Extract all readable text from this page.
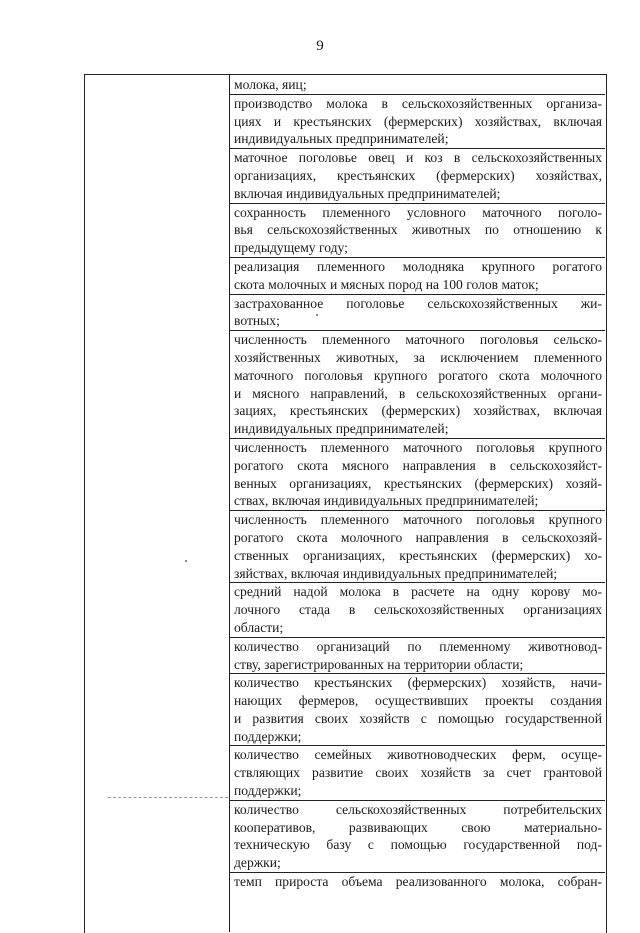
9
молока, яиц;
производство молока в сельскохозяйственных организа-
циях и крестьянских (фермерских) хозяйствах, включая
индивидуальных предпринимателей;
маточное поголовье овец и коз в сельскохозяйственных
организациях, крестьянских (фермерских) хозяйствах,
включая индивидуальных предпринимателей;
сохранность племенного условного маточного поголо-
вья сельскохозяйственных животных по отношению к
предыдущему году;
реализация племенного молодняка крупного рогатого
скота молочных и мясных пород на 100 голов маток;
застрахованное поголовье сельскохозяйственных жи-
вотных;
численность племенного маточного поголовья сельско-
хозяйственных животных, за исключением племенного
маточного поголовья крупного рогатого скота молочного
и мясного направлений, в сельскохозяйственных органи-
зациях, крестьянских (фермерских) хозяйствах, включая
индивидуальных предпринимателей;
численность племенного маточного поголовья крупного
рогатого скота мясного направления в сельскохозяйст-
венных организациях, крестьянских (фермерских) хозяй-
ствах, включая индивидуальных предпринимателей;
численность племенного маточного поголовья крупного
рогатого скота молочного направления в сельскохозяй-
ственных организациях, крестьянских (фермерских) хо-
зяйствах, включая индивидуальных предпринимателей;
средний надой молока в расчете на одну корову мо-
лочного стада в сельскохозяйственных организациях
области;
количество организаций по племенному животновод-
ству, зарегистрированных на территории области;
количество крестьянских (фермерских) хозяйств, начи-
нающих фермеров, осуществивших проекты создания
и развития своих хозяйств с помощью государственной
поддержки;
количество семейных животноводческих ферм, осуще-
ствляющих развитие своих хозяйств за счет грантовой
поддержки;
количество сельскохозяйственных потребительских
кооперативов, развивающих свою материально-
техническую базу с помощью государственной под-
держки;
темп прироста объема реализованного молока, собран-
